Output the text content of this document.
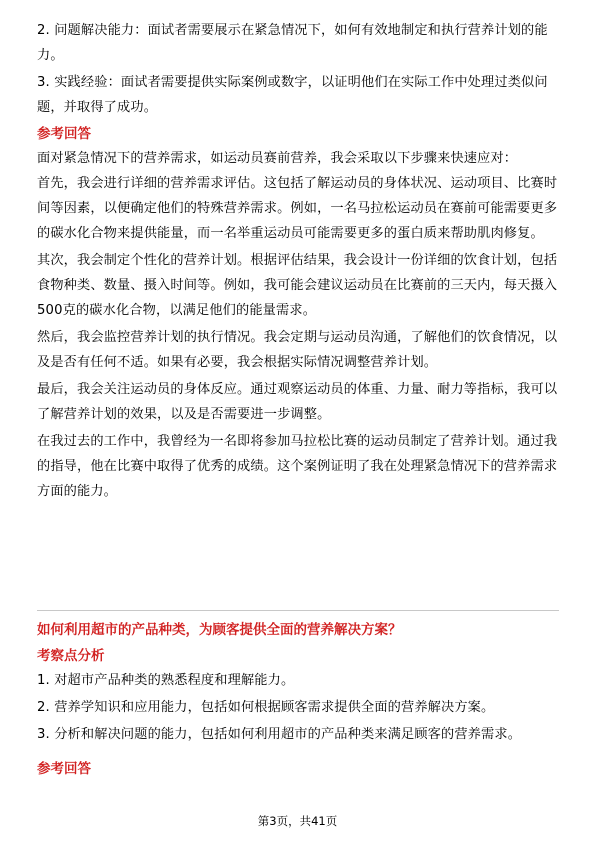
2. 问题解决能力：面试者需要展示在紧急情况下，如何有效地制定和执行营养计划的能力。

3. 实践经验：面试者需要提供实际案例或数字，以证明他们在实际工作中处理过类似问题，并取得了成功。

参考回答

面对紧急情况下的营养需求，如运动员赛前营养，我会采取以下步骤来快速应对：

首先，我会进行详细的营养需求评估。这包括了解运动员的身体状况、运动项目、比赛时间等因素，以便确定他们的特殊营养需求。例如，一名马拉松运动员在赛前可能需要更多的碳水化合物来提供能量，而一名举重运动员可能需要更多的蛋白质来帮助肌肉修复。

其次，我会制定个性化的营养计划。根据评估结果，我会设计一份详细的饮食计划，包括食物种类、数量、摄入时间等。例如，我可能会建议运动员在比赛前的三天内，每天摄入500克的碳水化合物，以满足他们的能量需求。

然后，我会监控营养计划的执行情况。我会定期与运动员沟通，了解他们的饮食情况，以及是否有任何不适。如果有必要，我会根据实际情况调整营养计划。

最后，我会关注运动员的身体反应。通过观察运动员的体重、力量、耐力等指标，我可以了解营养计划的效果，以及是否需要进一步调整。

在我过去的工作中，我曾经为一名即将参加马拉松比赛的运动员制定了营养计划。通过我的指导，他在比赛中取得了优秀的成绩。这个案例证明了我在处理紧急情况下的营养需求方面的能力。

如何利用超市的产品种类，为顾客提供全面的营养解决方案？

考察点分析

1. 对超市产品种类的熟悉程度和理解能力。

2. 营养学知识和应用能力，包括如何根据顾客需求提供全面的营养解决方案。

3. 分析和解决问题的能力，包括如何利用超市的产品种类来满足顾客的营养需求。

参考回答

第3页，共41页
